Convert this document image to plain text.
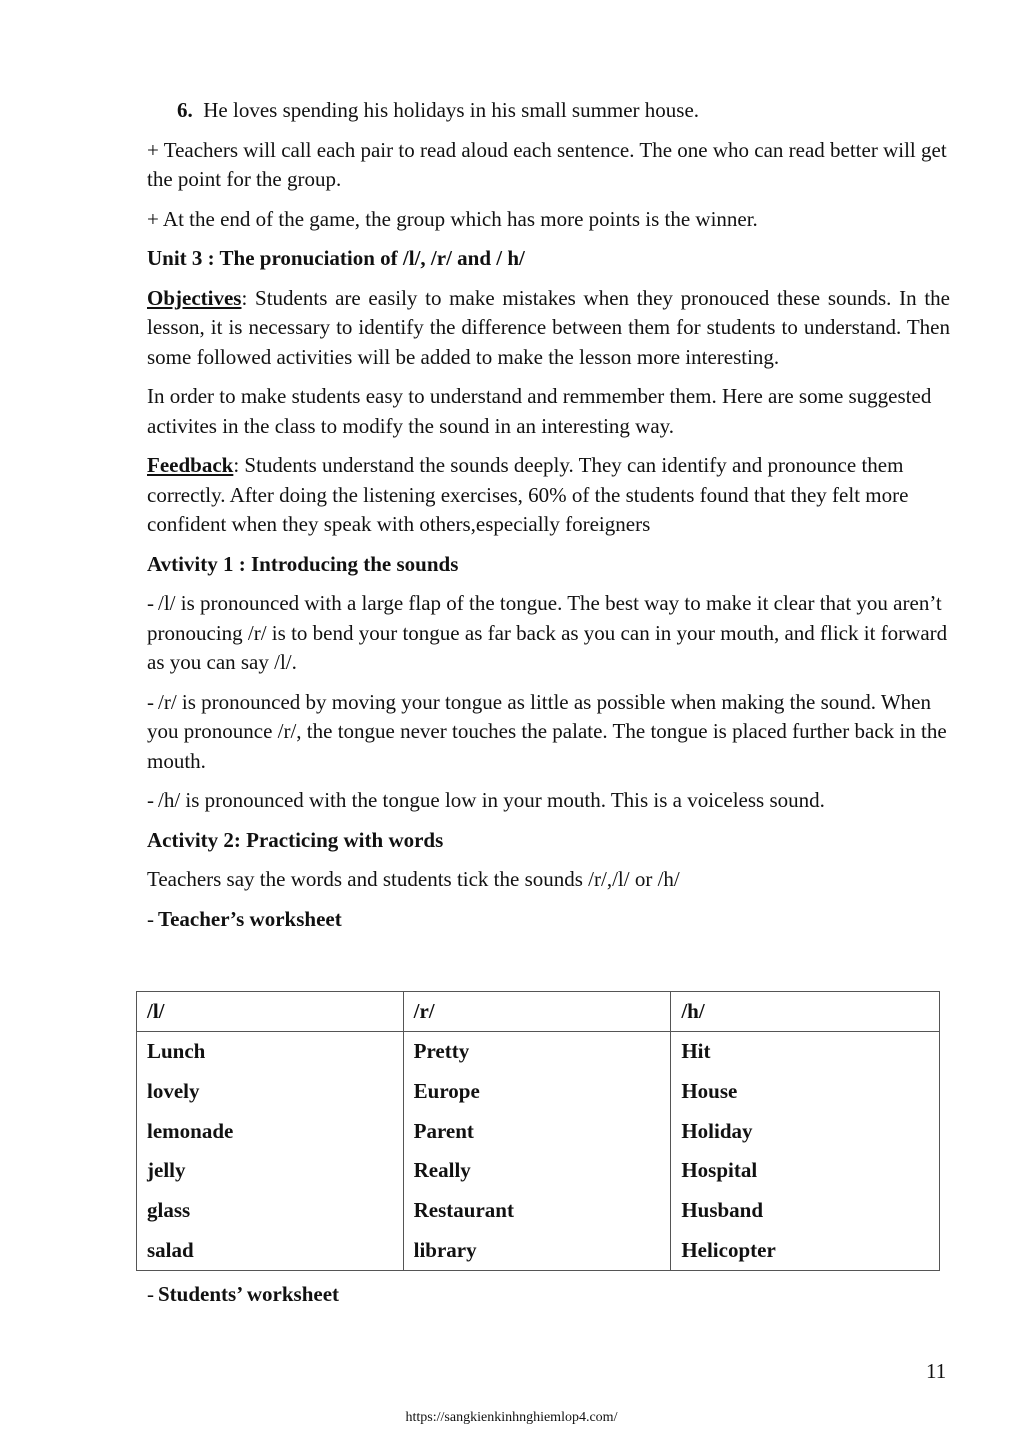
6. He loves spending his holidays in his small summer house.
+ Teachers will call each pair to read aloud each sentence. The one who can read better will get the point for the group.
+ At the end of the game, the group which has more points is the winner.
Unit 3 : The pronuciation of /l/, /r/ and / h/
Objectives: Students are easily to make mistakes when they pronouced these sounds. In the lesson, it is necessary to identify the difference between them for students to understand. Then some followed activities will be added to make the lesson more interesting.
In order to make students easy to understand and remmember them. Here are some suggested activites in the class to modify the sound in an interesting way.
Feedback: Students understand the sounds deeply. They can identify and pronounce them correctly. After doing the listening exercises, 60% of the students found that they felt more confident when they speak with others,especially foreigners
Avtivity 1 : Introducing the sounds
- /l/ is pronounced with a large flap of the tongue. The best way to make it clear that you aren’t pronoucing /r/ is to bend your tongue as far back as you can in your mouth, and flick it forward as you can say /l/.
- /r/ is pronounced by moving your tongue as little as possible when making the sound. When you pronounce /r/, the tongue never touches the palate. The tongue is placed further back in the mouth.
- /h/ is pronounced with the tongue low in your mouth. This is a voiceless sound.
Activity 2: Practicing with words
Teachers say the words and students tick the sounds /r/,/l/ or /h/
- Teacher’s worksheet
/l/	/r/	/h/
Lunch	Pretty	Hit
lovely	Europe	House
lemonade	Parent	Holiday
jelly	Really	Hospital
glass	Restaurant	Husband
salad	library	Helicopter
- Students’ worksheet
11
https://sangkienkinhnghiemlop4.com/
